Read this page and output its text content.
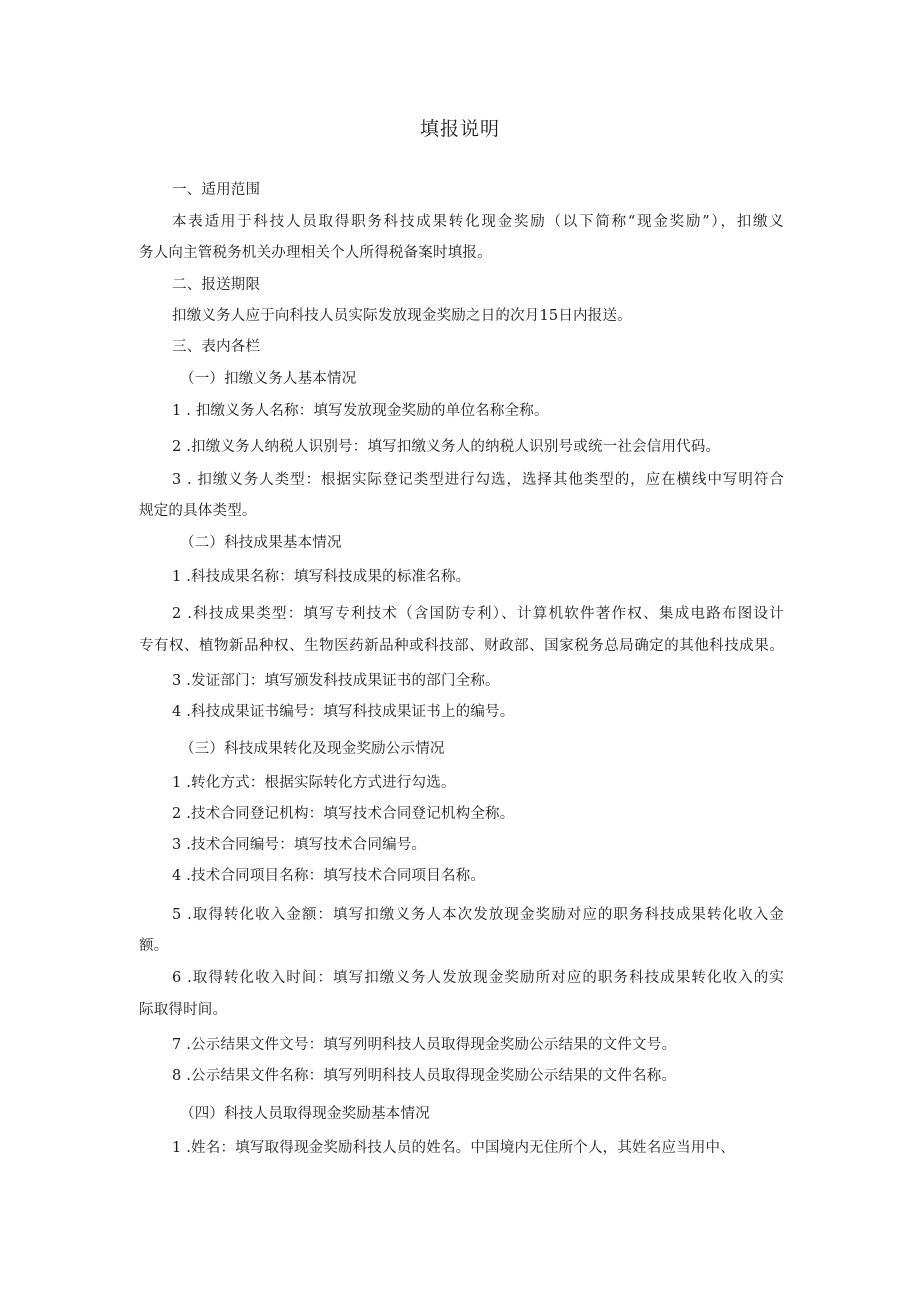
填报说明
一、适用范围
本表适用于科技人员取得职务科技成果转化现金奖励（以下简称“现金奖励”），扣缴义
务人向主管税务机关办理相关个人所得税备案时填报。
二、报送期限
扣缴义务人应于向科技人员实际发放现金奖励之日的次月15日内报送。
三、表内各栏
（一）扣缴义务人基本情况
1 . 扣缴义务人名称：填写发放现金奖励的单位名称全称。
2 .扣缴义务人纳税人识别号：填写扣缴义务人的纳税人识别号或统一社会信用代码。
3 . 扣缴义务人类型：根据实际登记类型进行勾选，选择其他类型的，应在横线中写明符合
规定的具体类型。
（二）科技成果基本情况
1 .科技成果名称：填写科技成果的标准名称。
2 .科技成果类型：填写专利技术（含国防专利）、计算机软件著作权、集成电路布图设计
专有权、植物新品种权、生物医药新品种或科技部、财政部、国家税务总局确定的其他科技成果。
3 .发证部门：填写颁发科技成果证书的部门全称。
4 .科技成果证书编号：填写科技成果证书上的编号。
（三）科技成果转化及现金奖励公示情况
1 .转化方式：根据实际转化方式进行勾选。
2 .技术合同登记机构：填写技术合同登记机构全称。
3 .技术合同编号：填写技术合同编号。
4 .技术合同项目名称：填写技术合同项目名称。
5 .取得转化收入金额：填写扣缴义务人本次发放现金奖励对应的职务科技成果转化收入金
额。
6 .取得转化收入时间：填写扣缴义务人发放现金奖励所对应的职务科技成果转化收入的实
际取得时间。
7 .公示结果文件文号：填写列明科技人员取得现金奖励公示结果的文件文号。
8 .公示结果文件名称：填写列明科技人员取得现金奖励公示结果的文件名称。
（四）科技人员取得现金奖励基本情况
1 .姓名：填写取得现金奖励科技人员的姓名。中国境内无住所个人，其姓名应当用中、
